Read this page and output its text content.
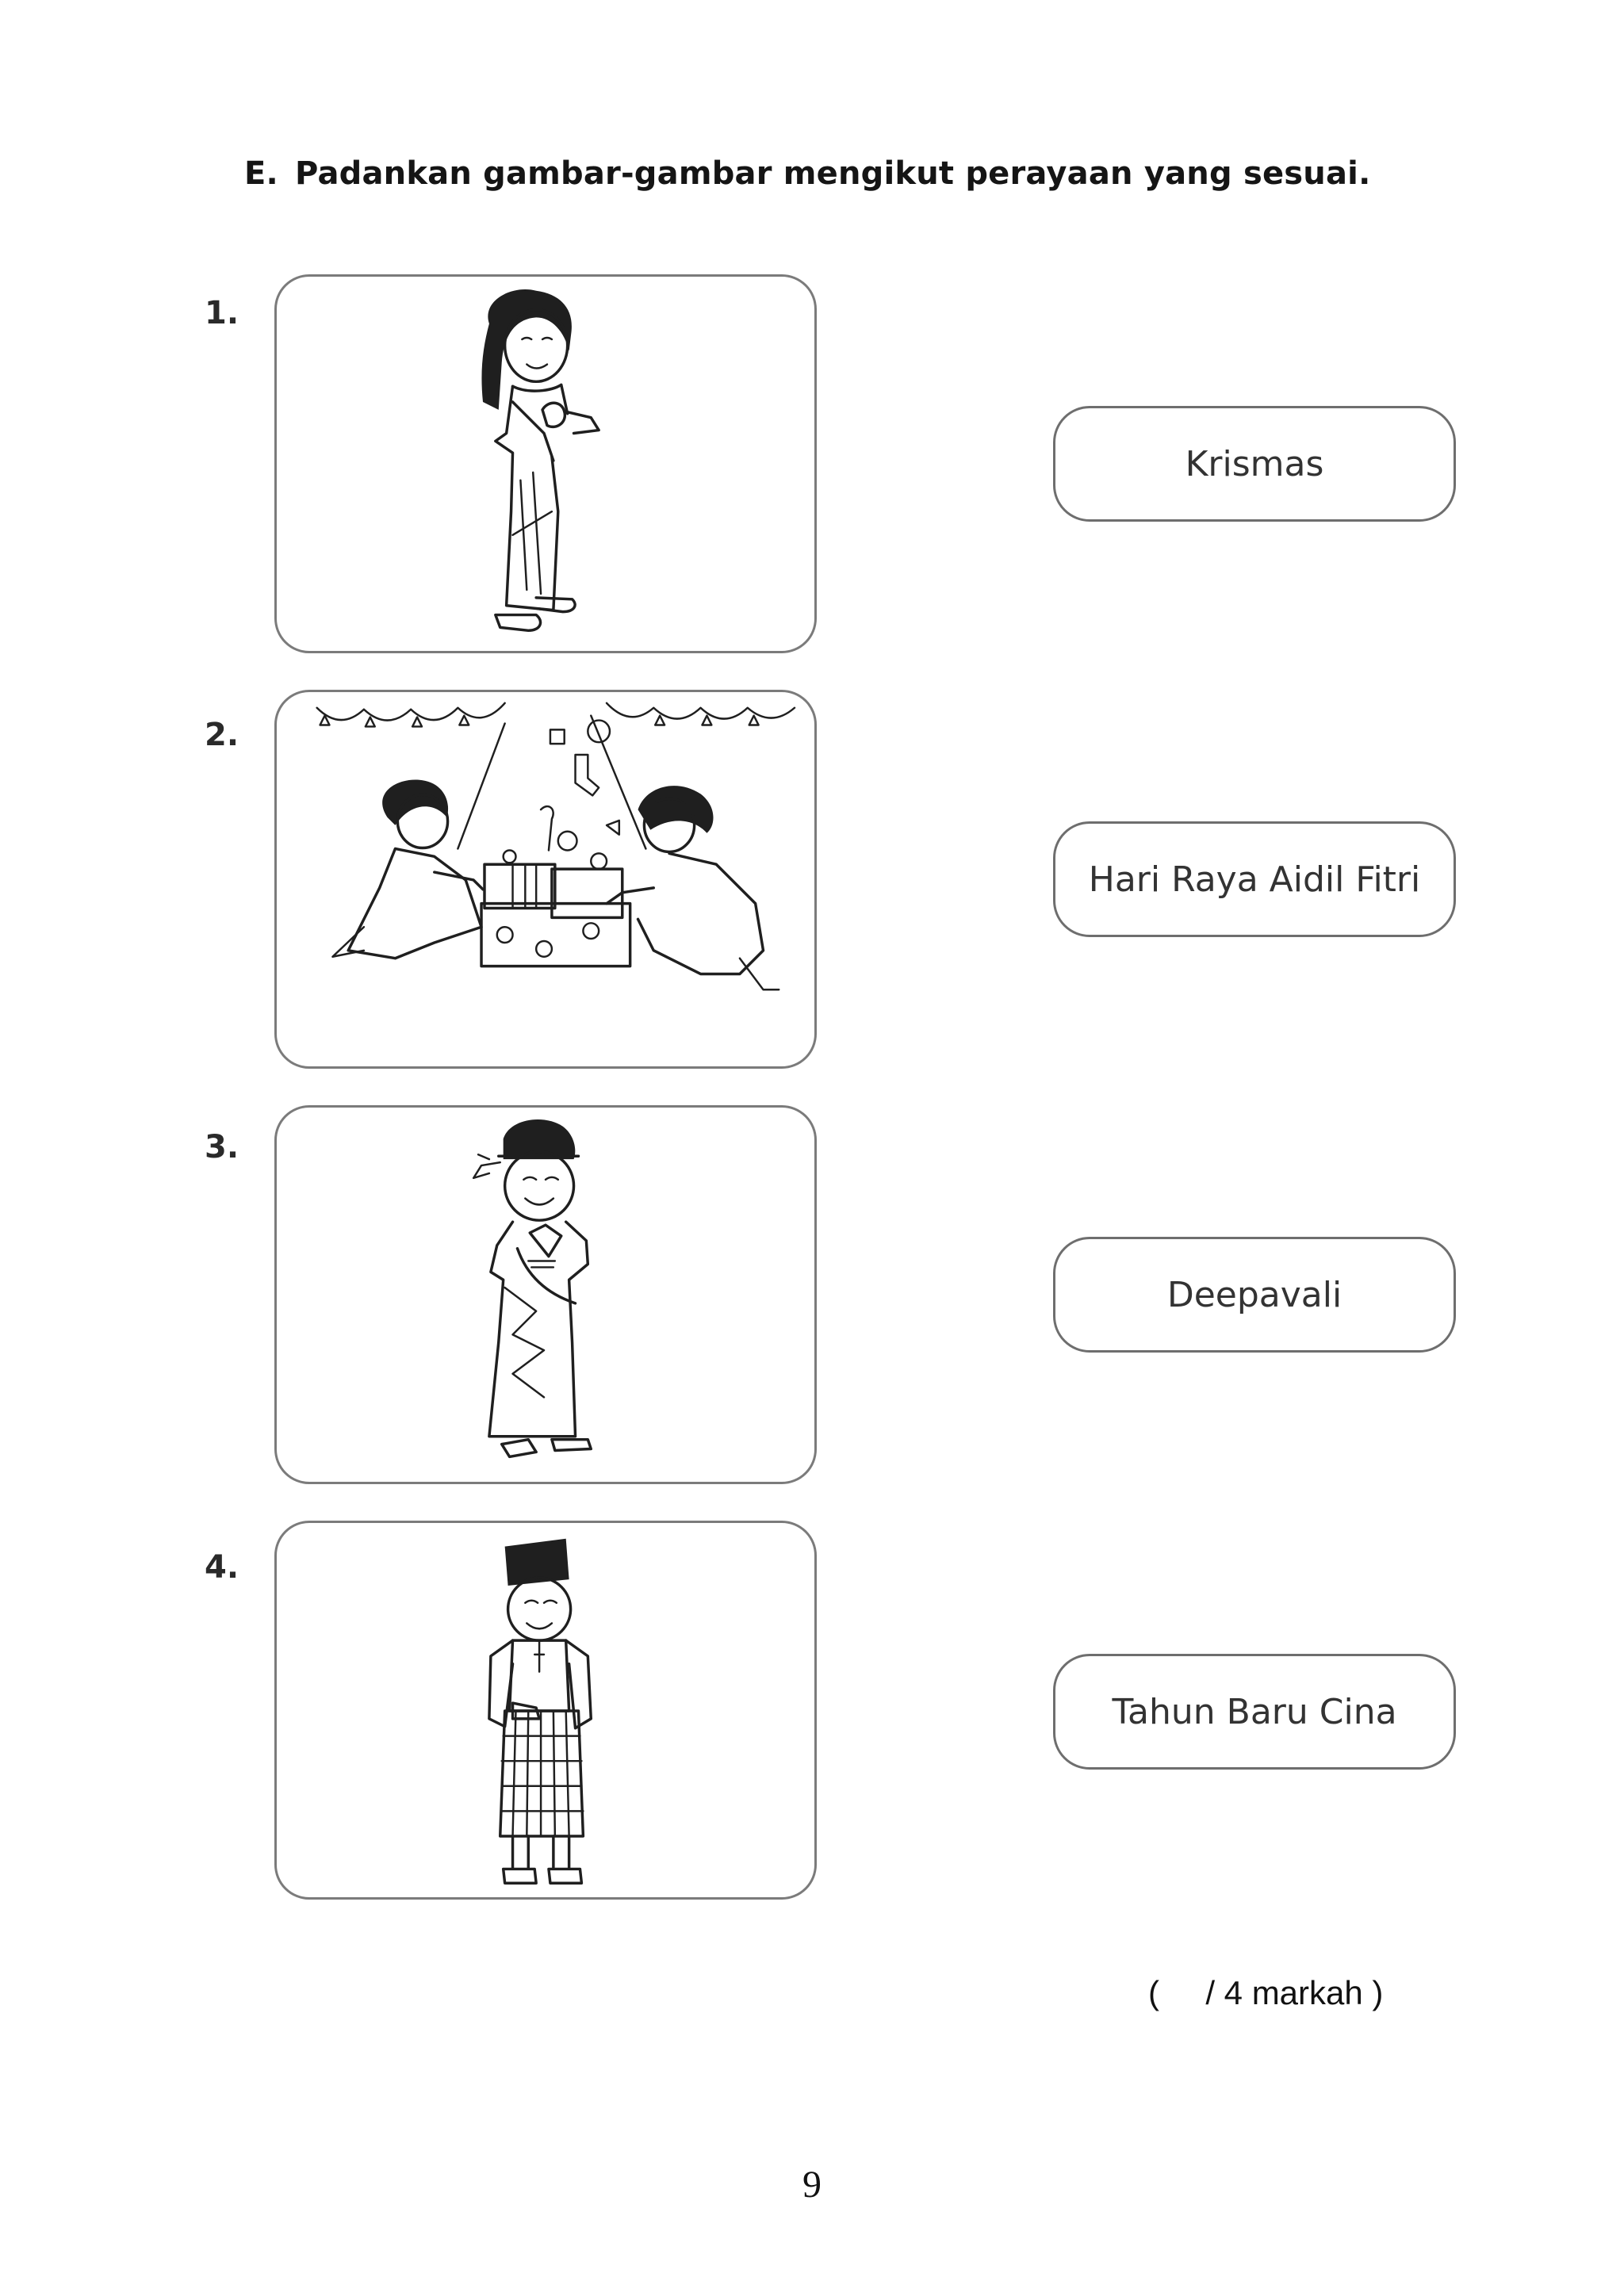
E. Padankan gambar-gambar mengikut perayaan yang sesuai.
1.
2.
3.
4.
Krismas
Hari Raya Aidil Fitri
Deepavali
Tahun Baru Cina
(     / 4 markah )
9
